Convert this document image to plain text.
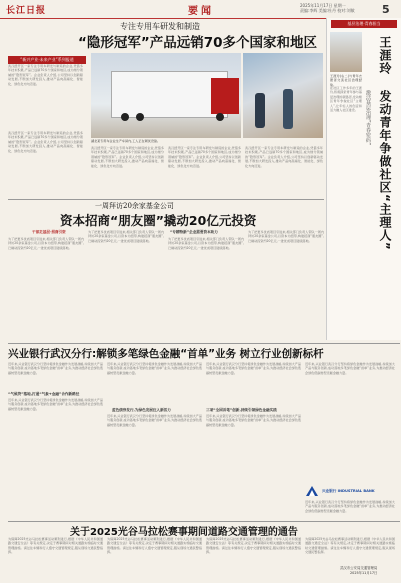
长江日报	要闻
2025年11月17日 星期一
责编:李辉 美编:杜丹 校对:刘敏	5
专注专用车研发和制造
“隐形冠军”产品远销70多个国家和地区
“新兴产业·未来产业”系列报道
武汉经开区一家专注专用车研发与制造的企业,凭借多年技术积累,产品已远销70多个国家和地区,成为细分领域的“隐形冠军”。企业负责人介绍,公司坚持以创新驱动发展,不断加大研发投入,推动产品向高端化、智能化、绿色化方向迈进。
武汉经开区一家专注专用车研发与制造的企业,凭借多年技术积累,产品已远销70多个国家和地区,成为细分领域的“隐形冠军”。企业负责人介绍,公司坚持以创新驱动发展,不断加大研发投入,推动产品向高端化、智能化、绿色化方向迈进。
湖北某专用车企业生产车间内,工人正在调试设备。
武汉经开区一家专注专用车研发与制造的企业,凭借多年技术积累,产品已远销70多个国家和地区,成为细分领域的“隐形冠军”。企业负责人介绍,公司坚持以创新驱动发展,不断加大研发投入,推动产品向高端化、智能化、绿色化方向迈进。
武汉经开区一家专注专用车研发与制造的企业,凭借多年技术积累,产品已远销70多个国家和地区,成为细分领域的“隐形冠军”。企业负责人介绍,公司坚持以创新驱动发展,不断加大研发投入,推动产品向高端化、智能化、绿色化方向迈进。
武汉经开区一家专注专用车研发与制造的企业,凭借多年技术积累,产品已远销70多个国家和地区,成为细分领域的“隐形冠军”。企业负责人介绍,公司坚持以创新驱动发展,不断加大研发投入,推动产品向高端化、智能化、绿色化方向迈进。
一周拜访20余家基金公司
资本招商“朋友圈”撬动20亿元投资
干部走基层·招商引资
为了把更多优质项目引进来,相关部门负责人带队一周内拜访20余家基金公司,以资本为纽带,构建招商“朋友圈”,已撬动投资约20亿元,一批优质项目陆续落地。
为了把更多优质项目引进来,相关部门负责人带队一周内拜访20余家基金公司,以资本为纽带,构建招商“朋友圈”,已撬动投资约20亿元,一批优质项目陆续落地。
“专精特新”企业需要资本助力
为了把更多优质项目引进来,相关部门负责人带队一周内拜访20余家基金公司,以资本为纽带,构建招商“朋友圈”,已撬动投资约20亿元,一批优质项目陆续落地。
为了把更多优质项目引进来,相关部门负责人带队一周内拜访20余家基金公司,以资本为纽带,构建招商“朋友圈”,已撬动投资约20亿元,一批优质项目陆续落地。
基层治理·青春担当
王涯玲
发动青年争做社区“主理人”
激活基层治理“青春密码”
王涯玲(右二)与青年志愿者交流社区治理经验。
在社区工作多年的王涯玲,积极探索青年参与基层治理的新路径,发动辖区青年争做社区“主理人”,让年轻人的创意和活力融入社区建设。
兴业银行武汉分行:解锁多笔绿色金融“首单”业务 树立行业创新标杆
“气候贷”落地,打通“气象+金融”合作新路径
近年来,兴业银行武汉分行坚持将绿色金融作为发展战略,持续加大产品与服务创新,成功落地多笔绿色金融“首单”业务,为推动经济社会绿色低碳转型贡献金融力量。
近年来,兴业银行武汉分行坚持将绿色金融作为发展战略,持续加大产品与服务创新,成功落地多笔绿色金融“首单”业务,为推动经济社会绿色低碳转型贡献金融力量。
近年来,兴业银行武汉分行坚持将绿色金融作为发展战略,持续加大产品与服务创新,成功落地多笔绿色金融“首单”业务,为推动经济社会绿色低碳转型贡献金融力量。
蓝色债券发行,为绿色发展注入新活力
近年来,兴业银行武汉分行坚持将绿色金融作为发展战略,持续加大产品与服务创新,成功落地多笔绿色金融“首单”业务,为推动经济社会绿色低碳转型贡献金融力量。
近年来,兴业银行武汉分行坚持将绿色金融作为发展战略,持续加大产品与服务创新,成功落地多笔绿色金融“首单”业务,为推动经济社会绿色低碳转型贡献金融力量。
三项“全国首笔”创新,持续引领绿色金融实践
近年来,兴业银行武汉分行坚持将绿色金融作为发展战略,持续加大产品与服务创新,成功落地多笔绿色金融“首单”业务,为推动经济社会绿色低碳转型贡献金融力量。
近年来,兴业银行武汉分行坚持将绿色金融作为发展战略,持续加大产品与服务创新,成功落地多笔绿色金融“首单”业务,为推动经济社会绿色低碳转型贡献金融力量。
兴业银行 INDUSTRIAL BANK
近年来,兴业银行武汉分行坚持将绿色金融作为发展战略,持续加大产品与服务创新,成功落地多笔绿色金融“首单”业务,为推动经济社会绿色低碳转型贡献金融力量。
关于2025光谷马拉松赛事期间道路交通管理的通告
为保障2025光谷马拉松赛事活动顺利进行,根据《中华人民共和国道路交通安全法》等有关规定,决定于赛事期间对相关道路实施临时交通管理措施。请过往车辆和行人遵守交通管理规定,服从现场交通民警指挥。
为保障2025光谷马拉松赛事活动顺利进行,根据《中华人民共和国道路交通安全法》等有关规定,决定于赛事期间对相关道路实施临时交通管理措施。请过往车辆和行人遵守交通管理规定,服从现场交通民警指挥。
为保障2025光谷马拉松赛事活动顺利进行,根据《中华人民共和国道路交通安全法》等有关规定,决定于赛事期间对相关道路实施临时交通管理措施。请过往车辆和行人遵守交通管理规定,服从现场交通民警指挥。
为保障2025光谷马拉松赛事活动顺利进行,根据《中华人民共和国道路交通安全法》等有关规定,决定于赛事期间对相关道路实施临时交通管理措施。请过往车辆和行人遵守交通管理规定,服从现场交通民警指挥。
武汉市公安局交通管理局
2025年11月17日
